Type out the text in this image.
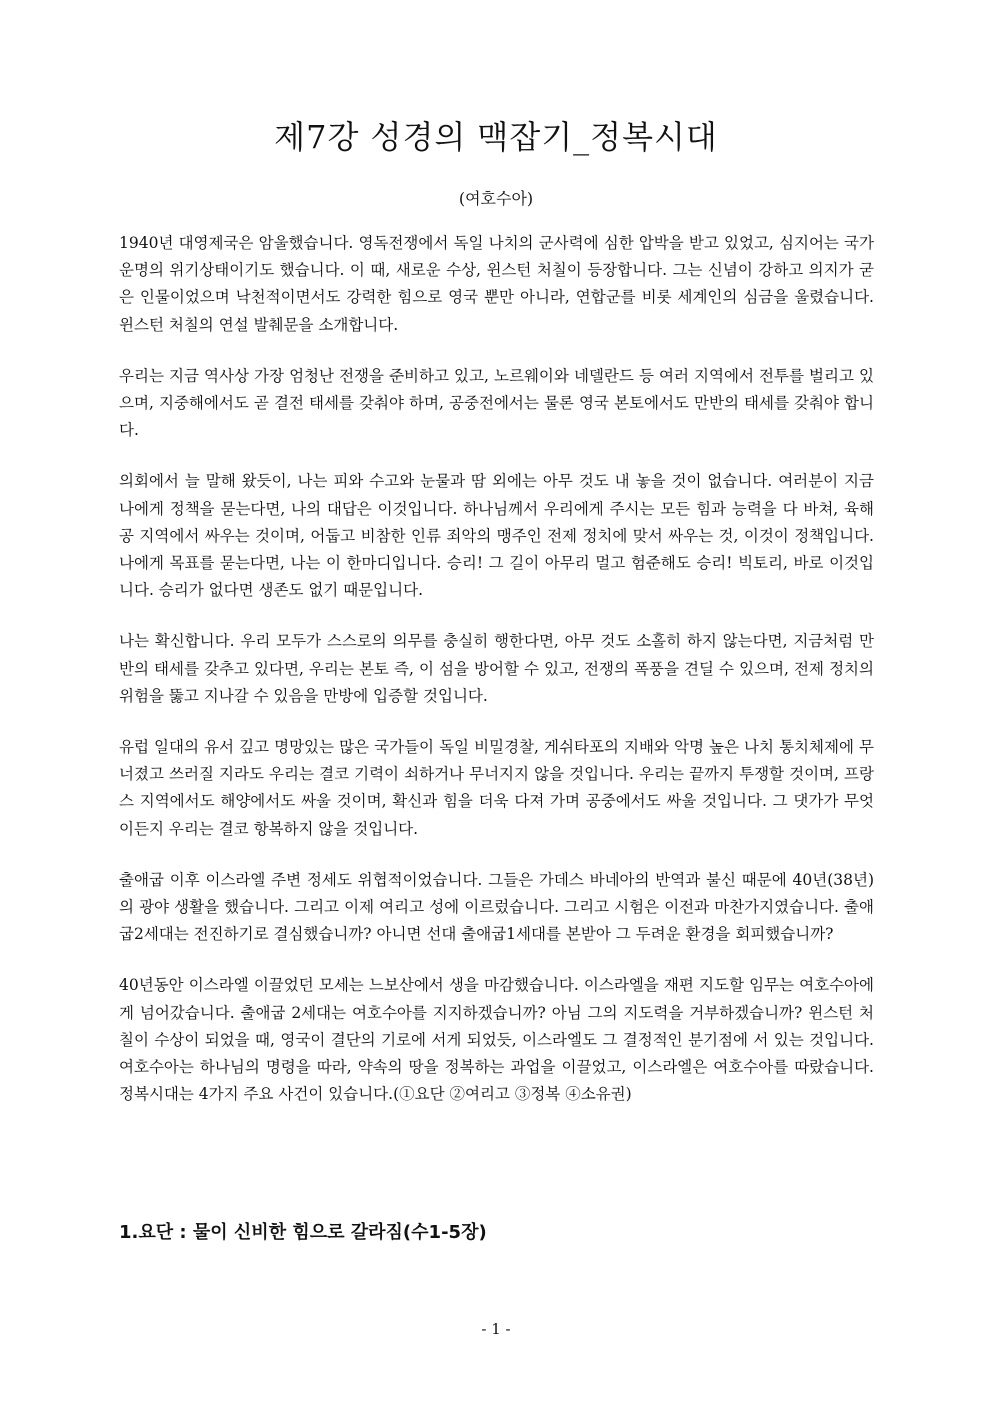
제7강 성경의 맥잡기_정복시대

(여호수아)

1940년 대영제국은 암울했습니다. 영독전쟁에서 독일 나치의 군사력에 심한 압박을 받고 있었고, 심지어는 국가 운명의 위기상태이기도 했습니다. 이 때, 새로운 수상, 윈스턴 처칠이 등장합니다. 그는 신념이 강하고 의지가 굳은 인물이었으며 낙천적이면서도 강력한 힘으로 영국 뿐만 아니라, 연합군를 비롯 세계인의 심금을 울렸습니다. 윈스턴 처칠의 연설 발췌문을 소개합니다.

우리는 지금 역사상 가장 엄청난 전쟁을 준비하고 있고, 노르웨이와 네델란드 등 여러 지역에서 전투를 벌리고 있으며, 지중해에서도 곧 결전 태세를 갖춰야 하며, 공중전에서는 물론 영국 본토에서도 만반의 태세를 갖춰야 합니다.

의회에서 늘 말해 왔듯이, 나는 피와 수고와 눈물과 땀 외에는 아무 것도 내 놓을 것이 없습니다. 여러분이 지금 나에게 정책을 묻는다면, 나의 대답은 이것입니다. 하나님께서 우리에게 주시는 모든 힘과 능력을 다 바쳐, 육해공 지역에서 싸우는 것이며, 어둡고 비참한 인류 죄악의 맹주인 전제 정치에 맞서 싸우는 것, 이것이 정책입니다. 나에게 목표를 묻는다면, 나는 이 한마디입니다. 승리! 그 길이 아무리 멀고 험준해도 승리! 빅토리, 바로 이것입니다. 승리가 없다면 생존도 없기 때문입니다.

나는 확신합니다. 우리 모두가 스스로의 의무를 충실히 행한다면, 아무 것도 소홀히 하지 않는다면, 지금처럼 만반의 태세를 갖추고 있다면, 우리는 본토 즉, 이 섬을 방어할 수 있고, 전쟁의 폭풍을 견딜 수 있으며, 전제 정치의 위험을 뚫고 지나갈 수 있음을 만방에 입증할 것입니다.

유럽 일대의 유서 깊고 명망있는 많은 국가들이 독일 비밀경찰, 게쉬타포의 지배와 악명 높은 나치 통치체제에 무너졌고 쓰러질 지라도 우리는 결코 기력이 쇠하거나 무너지지 않을 것입니다. 우리는 끝까지 투쟁할 것이며, 프랑스 지역에서도 해양에서도 싸울 것이며, 확신과 힘을 더욱 다져 가며 공중에서도 싸울 것입니다. 그 댓가가 무엇이든지 우리는 결코 항복하지 않을 것입니다.

출애굽 이후 이스라엘 주변 정세도 위협적이었습니다. 그들은 가데스 바네아의 반역과 불신 때문에 40년(38년)의 광야 생활을 했습니다. 그리고 이제 여리고 성에 이르렀습니다. 그리고 시험은 이전과 마찬가지였습니다. 출애굽2세대는 전진하기로 결심했습니까? 아니면 선대 출애굽1세대를 본받아 그 두려운 환경을 회피했습니까?

40년동안 이스라엘 이끌었던 모세는 느보산에서 생을 마감했습니다. 이스라엘을 재편 지도할 임무는 여호수아에게 넘어갔습니다. 출애굽 2세대는 여호수아를 지지하겠습니까? 아님 그의 지도력을 거부하겠습니까? 윈스턴 처칠이 수상이 되었을 때, 영국이 결단의 기로에 서게 되었듯, 이스라엘도 그 결정적인 분기점에 서 있는 것입니다. 여호수아는 하나님의 명령을 따라, 약속의 땅을 정복하는 과업을 이끌었고, 이스라엘은 여호수아를 따랐습니다. 정복시대는 4가지 주요 사건이 있습니다.(①요단 ②여리고 ③정복 ④소유권)

1.요단 : 물이 신비한 힘으로 갈라짐(수1-5장)

- 1 -
